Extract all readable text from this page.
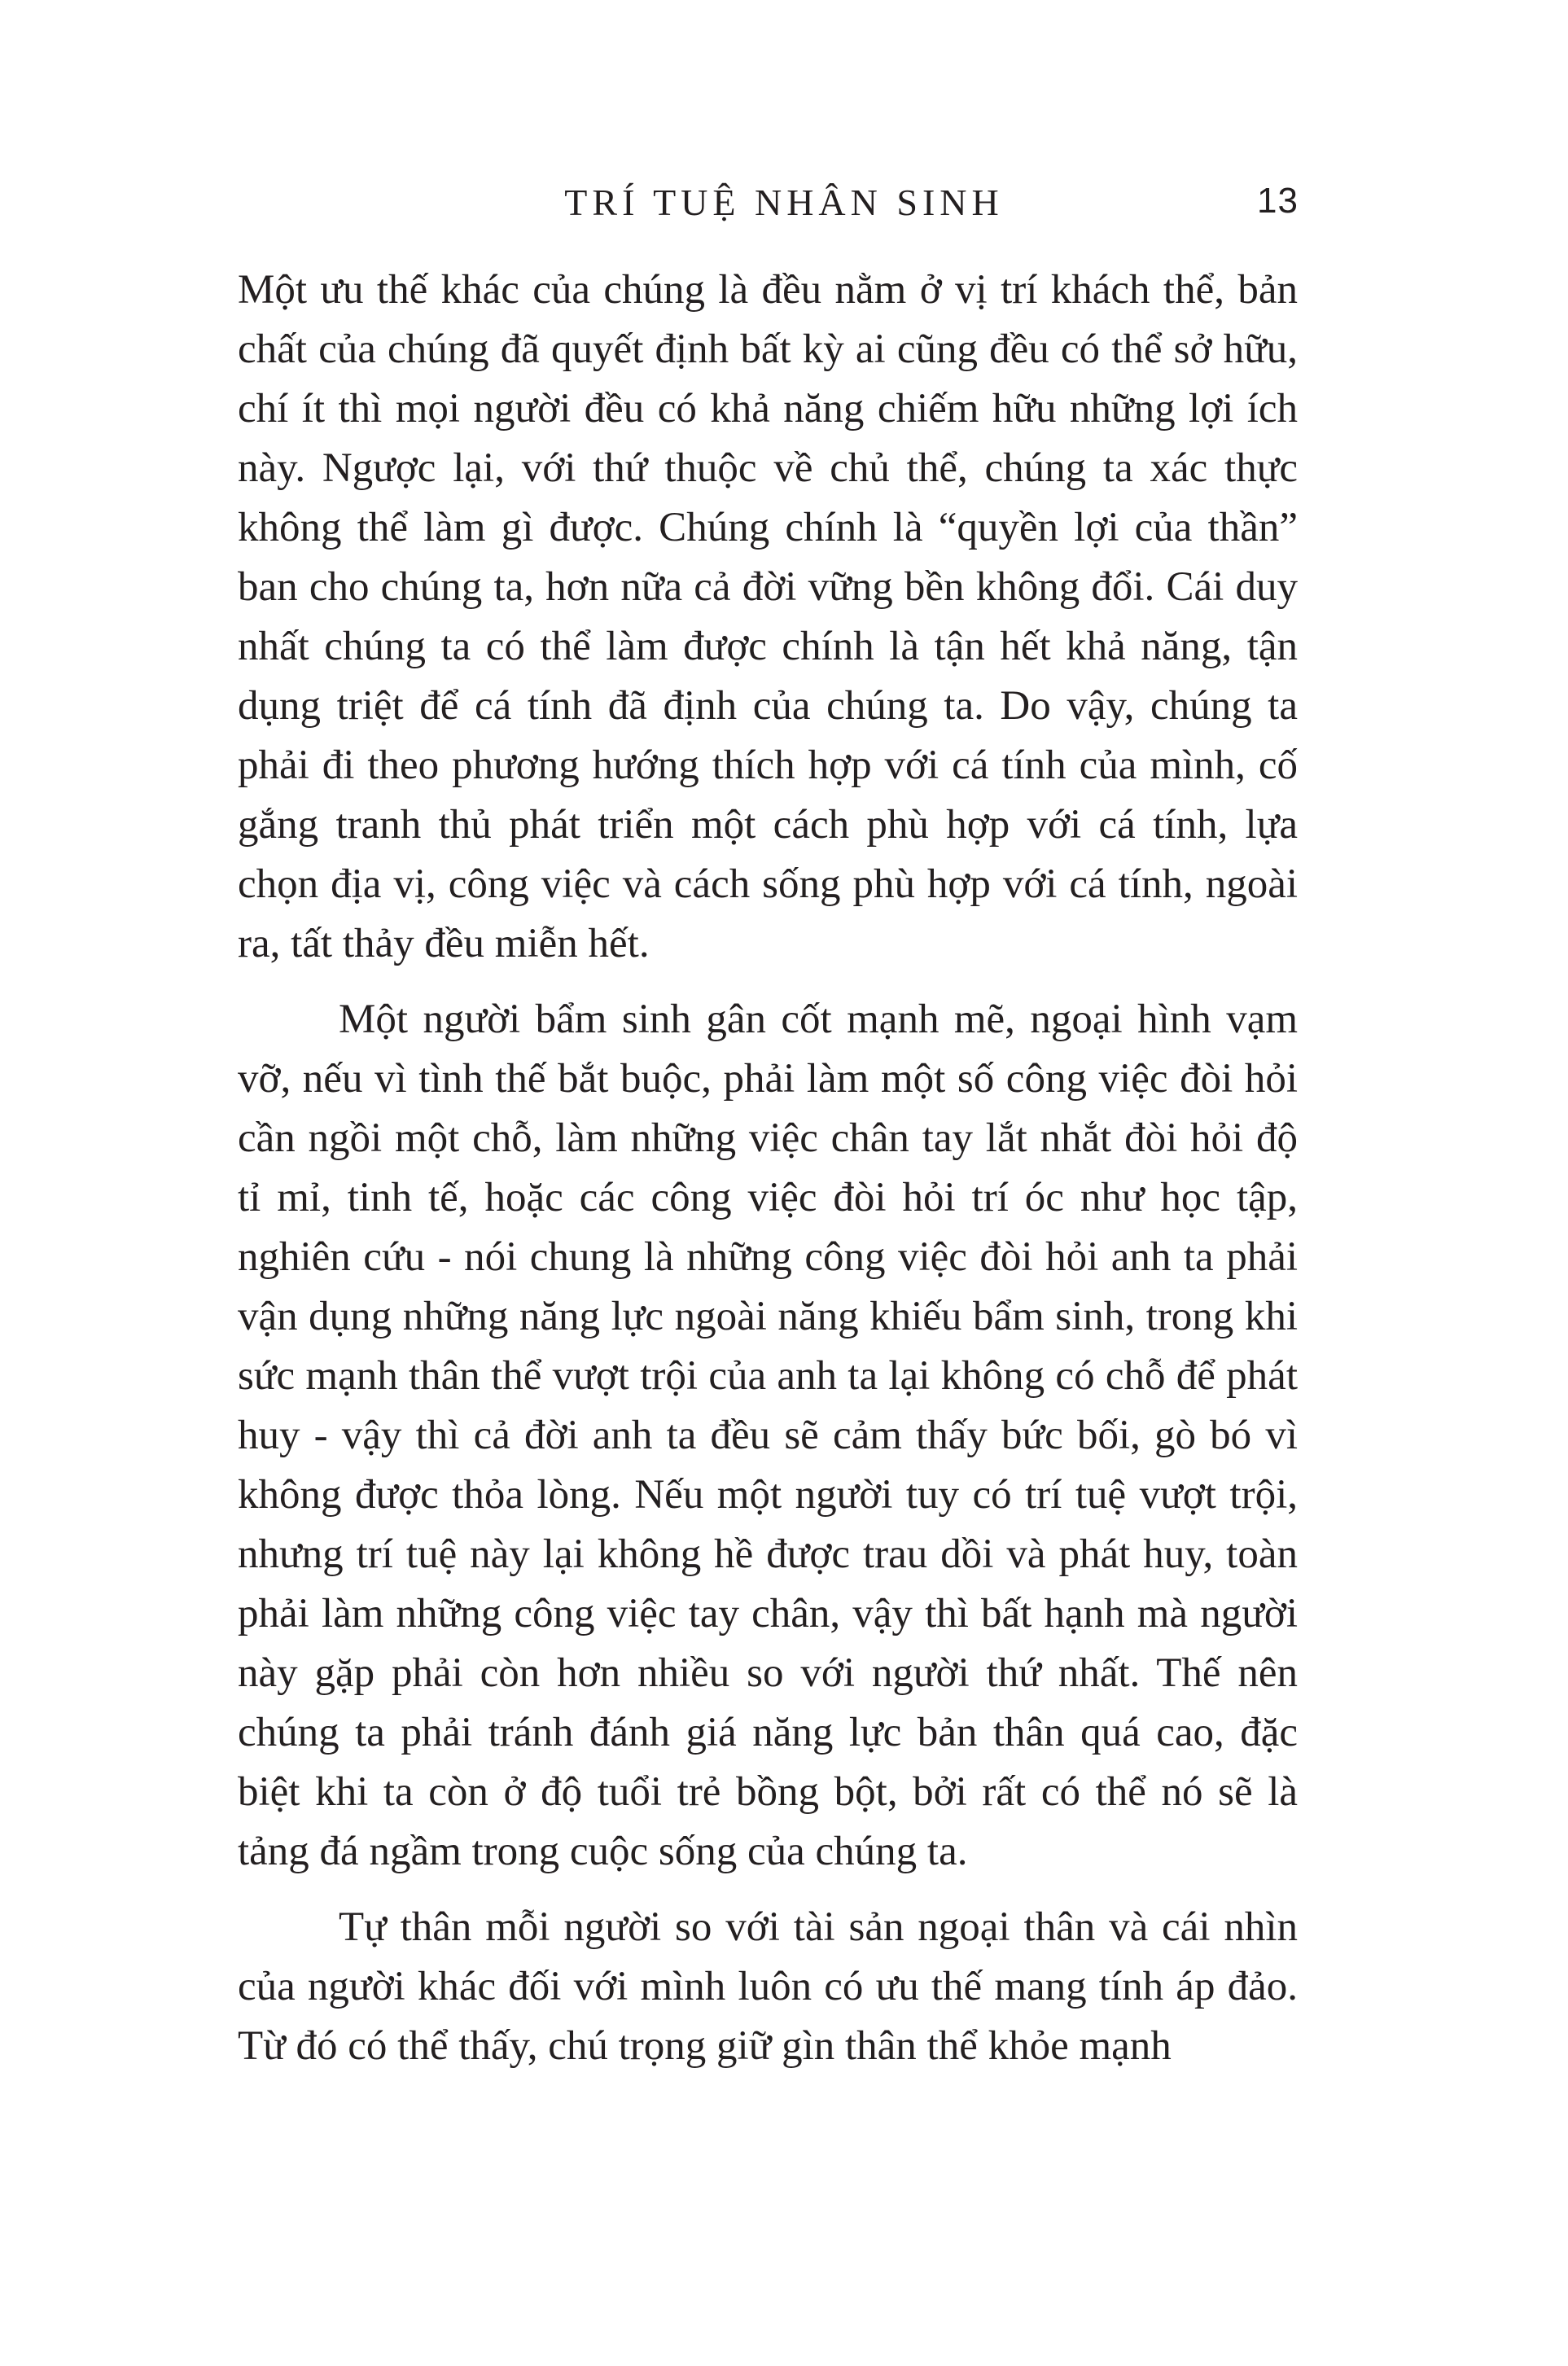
TRÍ TUỆ NHÂN SINH	13

Một ưu thế khác của chúng là đều nằm ở vị trí khách thể, bản chất của chúng đã quyết định bất kỳ ai cũng đều có thể sở hữu, chí ít thì mọi người đều có khả năng chiếm hữu những lợi ích này. Ngược lại, với thứ thuộc về chủ thể, chúng ta xác thực không thể làm gì được. Chúng chính là “quyền lợi của thần” ban cho chúng ta, hơn nữa cả đời vững bền không đổi. Cái duy nhất chúng ta có thể làm được chính là tận hết khả năng, tận dụng triệt để cá tính đã định của chúng ta. Do vậy, chúng ta phải đi theo phương hướng thích hợp với cá tính của mình, cố gắng tranh thủ phát triển một cách phù hợp với cá tính, lựa chọn địa vị, công việc và cách sống phù hợp với cá tính, ngoài ra, tất thảy đều miễn hết.

Một người bẩm sinh gân cốt mạnh mẽ, ngoại hình vạm vỡ, nếu vì tình thế bắt buộc, phải làm một số công việc đòi hỏi cần ngồi một chỗ, làm những việc chân tay lắt nhắt đòi hỏi độ tỉ mỉ, tinh tế, hoặc các công việc đòi hỏi trí óc như học tập, nghiên cứu - nói chung là những công việc đòi hỏi anh ta phải vận dụng những năng lực ngoài năng khiếu bẩm sinh, trong khi sức mạnh thân thể vượt trội của anh ta lại không có chỗ để phát huy - vậy thì cả đời anh ta đều sẽ cảm thấy bức bối, gò bó vì không được thỏa lòng. Nếu một người tuy có trí tuệ vượt trội, nhưng trí tuệ này lại không hề được trau dồi và phát huy, toàn phải làm những công việc tay chân, vậy thì bất hạnh mà người này gặp phải còn hơn nhiều so với người thứ nhất. Thế nên chúng ta phải tránh đánh giá năng lực bản thân quá cao, đặc biệt khi ta còn ở độ tuổi trẻ bồng bột, bởi rất có thể nó sẽ là tảng đá ngầm trong cuộc sống của chúng ta.

Tự thân mỗi người so với tài sản ngoại thân và cái nhìn của người khác đối với mình luôn có ưu thế mang tính áp đảo. Từ đó có thể thấy, chú trọng giữ gìn thân thể khỏe mạnh
